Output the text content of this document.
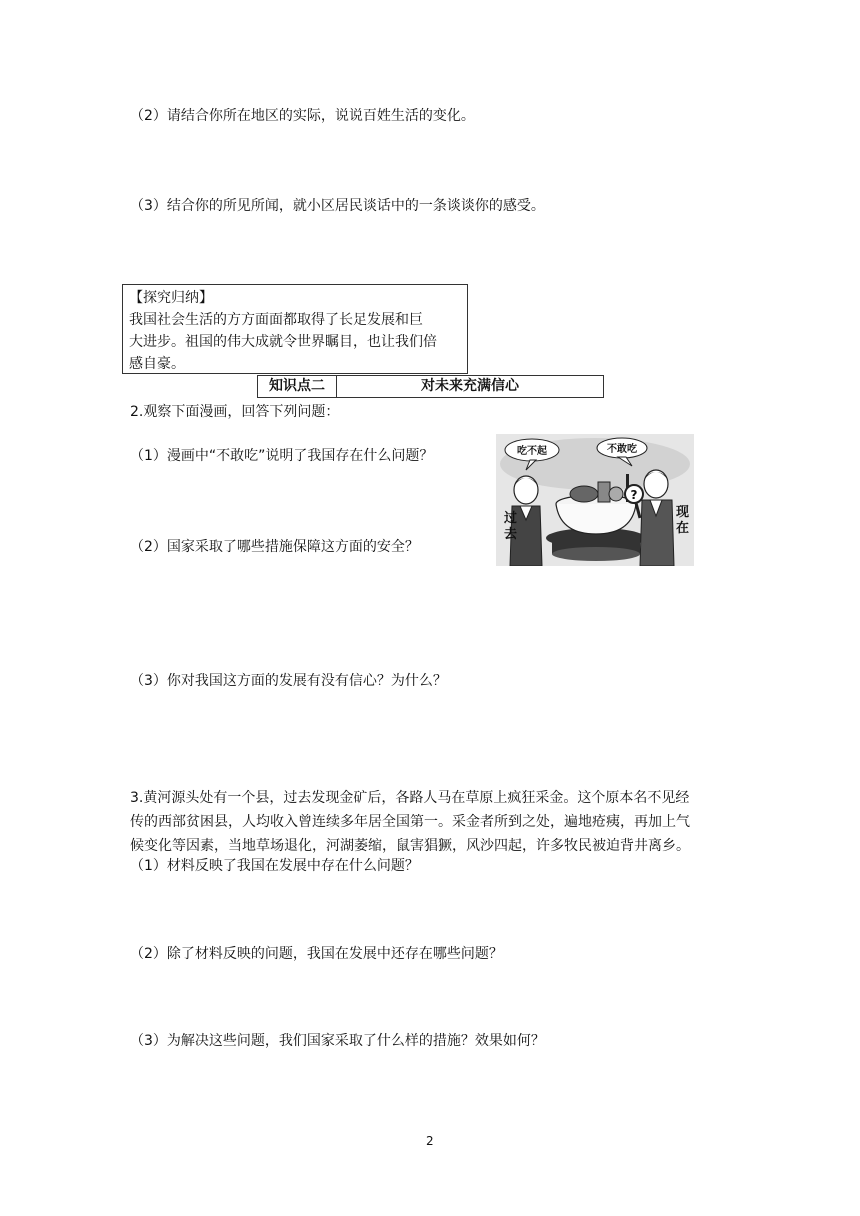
（2）请结合你所在地区的实际，说说百姓生活的变化。
（3）结合你的所见所闻，就小区居民谈话中的一条谈谈你的感受。
【探究归纳】
我国社会生活的方方面面都取得了长足发展和巨
大进步。祖国的伟大成就令世界瞩目，也让我们倍
感自豪。
知识点二	对未来充满信心
2.观察下面漫画，回答下列问题：
（1）漫画中“不敢吃”说明了我国存在什么问题？
（2）国家采取了哪些措施保障这方面的安全？
（3）你对我国这方面的发展有没有信心？为什么？
吃不起	不敢吃
?
过 去
现 在
3.黄河源头处有一个县，过去发现金矿后，各路人马在草原上疯狂采金。这个原本名不见经
传的西部贫困县，人均收入曾连续多年居全国第一。采金者所到之处，遍地疮痍，再加上气
候变化等因素，当地草场退化，河湖萎缩，鼠害猖獗，风沙四起，许多牧民被迫背井离乡。
（1）材料反映了我国在发展中存在什么问题？
（2）除了材料反映的问题，我国在发展中还存在哪些问题？
（3）为解决这些问题，我们国家采取了什么样的措施？效果如何？
2
